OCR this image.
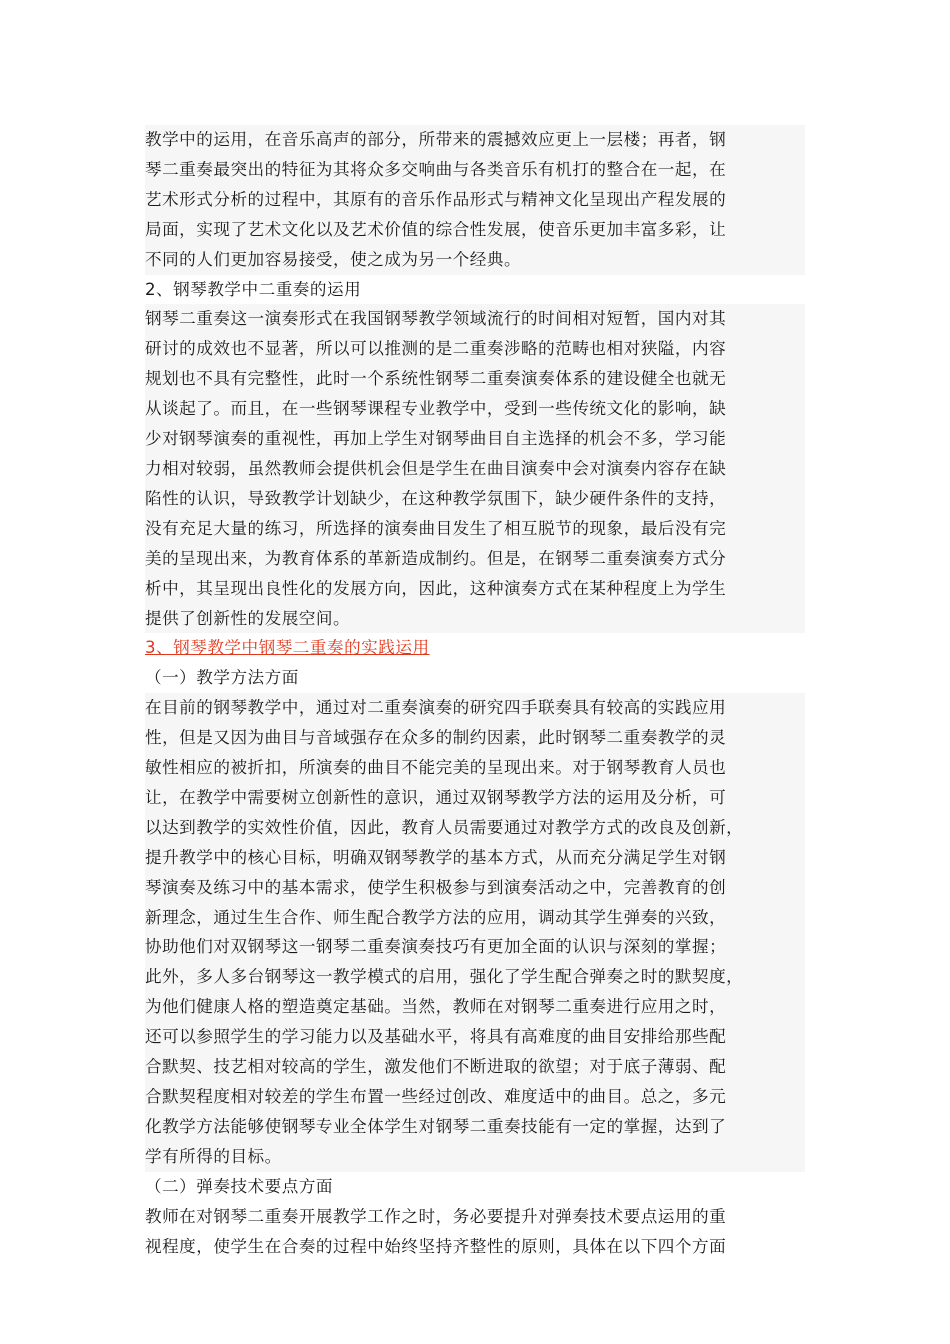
教学中的运用，在音乐高声的部分，所带来的震撼效应更上一层楼；再者，钢
琴二重奏最突出的特征为其将众多交响曲与各类音乐有机打的整合在一起，在
艺术形式分析的过程中，其原有的音乐作品形式与精神文化呈现出产程发展的
局面，实现了艺术文化以及艺术价值的综合性发展，使音乐更加丰富多彩，让
不同的人们更加容易接受，使之成为另一个经典。
2、钢琴教学中二重奏的运用
钢琴二重奏这一演奏形式在我国钢琴教学领域流行的时间相对短暂，国内对其
研讨的成效也不显著，所以可以推测的是二重奏涉略的范畴也相对狭隘，内容
规划也不具有完整性，此时一个系统性钢琴二重奏演奏体系的建设健全也就无
从谈起了。而且，在一些钢琴课程专业教学中，受到一些传统文化的影响，缺
少对钢琴演奏的重视性，再加上学生对钢琴曲目自主选择的机会不多，学习能
力相对较弱，虽然教师会提供机会但是学生在曲目演奏中会对演奏内容存在缺
陷性的认识，导致教学计划缺少，在这种教学氛围下，缺少硬件条件的支持，
没有充足大量的练习，所选择的演奏曲目发生了相互脱节的现象，最后没有完
美的呈现出来，为教育体系的革新造成制约。但是，在钢琴二重奏演奏方式分
析中，其呈现出良性化的发展方向，因此，这种演奏方式在某种程度上为学生
提供了创新性的发展空间。
3、钢琴教学中钢琴二重奏的实践运用
（一）教学方法方面
在目前的钢琴教学中，通过对二重奏演奏的研究四手联奏具有较高的实践应用
性，但是又因为曲目与音域强存在众多的制约因素，此时钢琴二重奏教学的灵
敏性相应的被折扣，所演奏的曲目不能完美的呈现出来。对于钢琴教育人员也
让，在教学中需要树立创新性的意识，通过双钢琴教学方法的运用及分析，可
以达到教学的实效性价值，因此，教育人员需要通过对教学方式的改良及创新，
提升教学中的核心目标，明确双钢琴教学的基本方式，从而充分满足学生对钢
琴演奏及练习中的基本需求，使学生积极参与到演奏活动之中，完善教育的创
新理念，通过生生合作、师生配合教学方法的应用，调动其学生弹奏的兴致，
协助他们对双钢琴这一钢琴二重奏演奏技巧有更加全面的认识与深刻的掌握；
此外，多人多台钢琴这一教学模式的启用，强化了学生配合弹奏之时的默契度，
为他们健康人格的塑造奠定基础。当然，教师在对钢琴二重奏进行应用之时，
还可以参照学生的学习能力以及基础水平，将具有高难度的曲目安排给那些配
合默契、技艺相对较高的学生，激发他们不断进取的欲望；对于底子薄弱、配
合默契程度相对较差的学生布置一些经过创改、难度适中的曲目。总之，多元
化教学方法能够使钢琴专业全体学生对钢琴二重奏技能有一定的掌握，达到了
学有所得的目标。
（二）弹奏技术要点方面
教师在对钢琴二重奏开展教学工作之时，务必要提升对弹奏技术要点运用的重
视程度，使学生在合奏的过程中始终坚持齐整性的原则，具体在以下四个方面
